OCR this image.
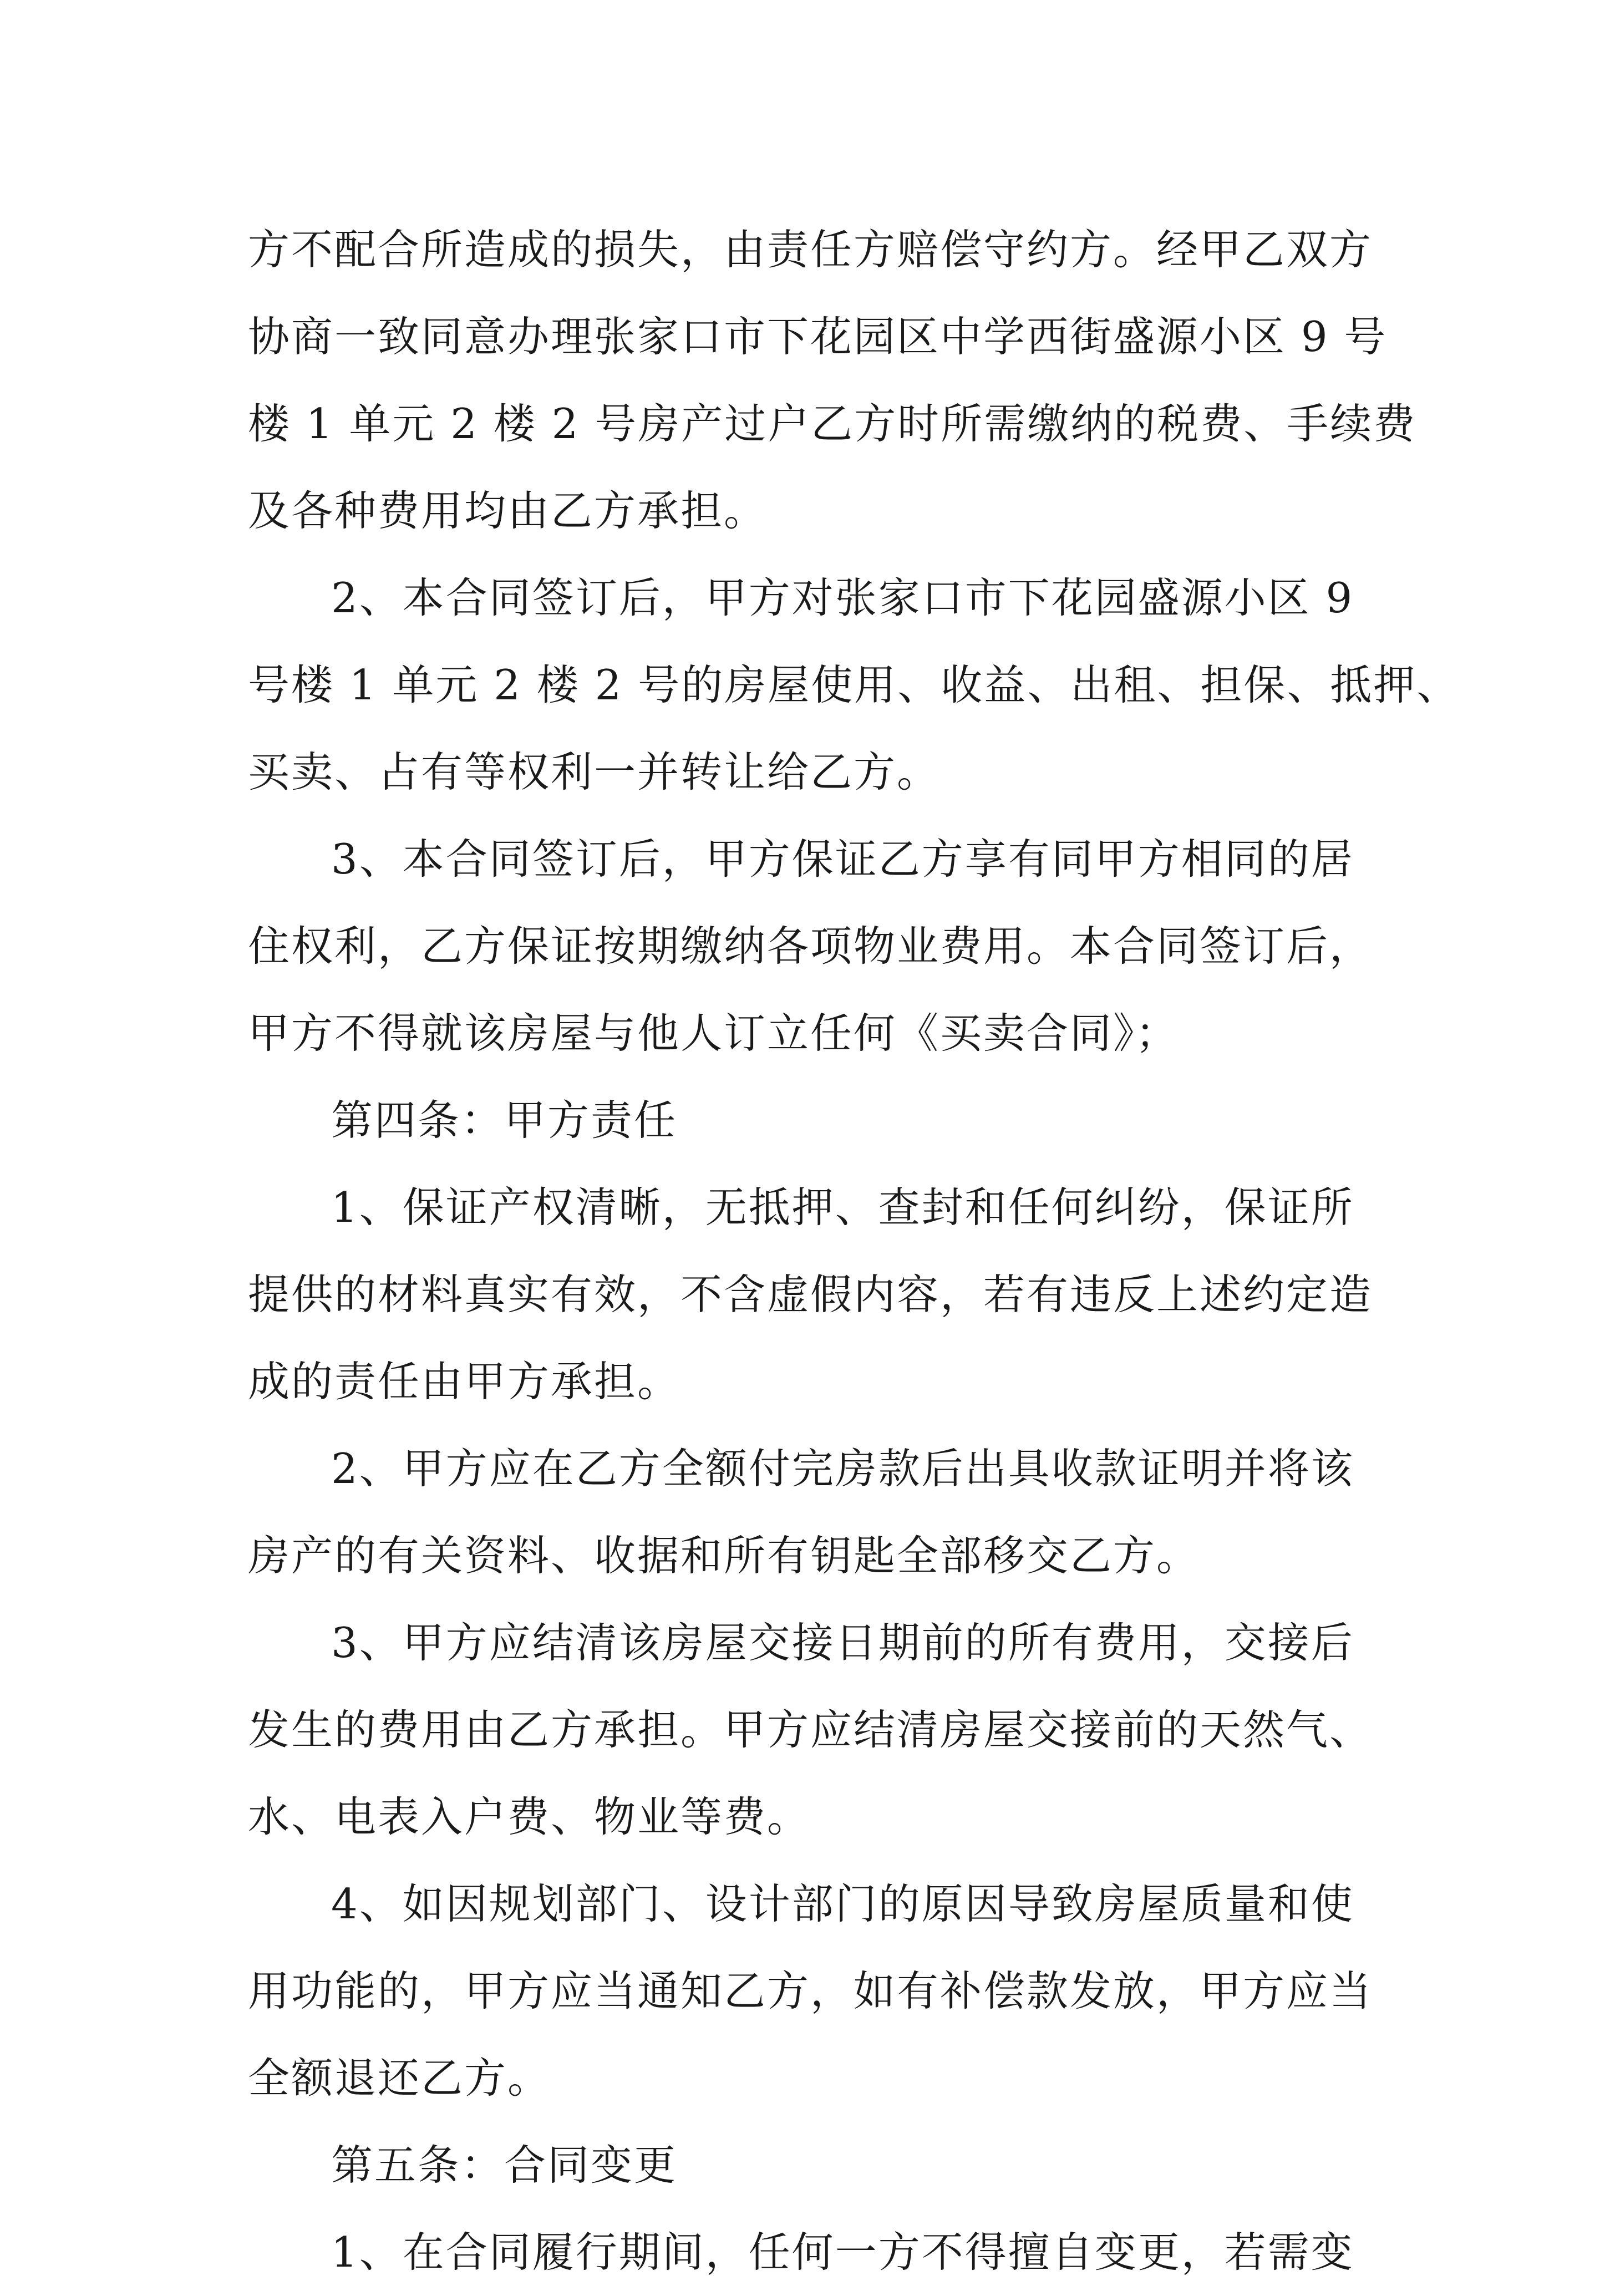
方不配合所造成的损失，由责任方赔偿守约方。经甲乙双方
协商一致同意办理张家口市下花园区中学西街盛源小区 9 号
楼 1 单元 2 楼 2 号房产过户乙方时所需缴纳的税费、手续费
及各种费用均由乙方承担。
2、本合同签订后，甲方对张家口市下花园盛源小区 9
号楼 1 单元 2 楼 2 号的房屋使用、收益、出租、担保、抵押、
买卖、占有等权利一并转让给乙方。
3、本合同签订后，甲方保证乙方享有同甲方相同的居
住权利，乙方保证按期缴纳各项物业费用。本合同签订后，
甲方不得就该房屋与他人订立任何《买卖合同》；
第四条：甲方责任
1、保证产权清晰，无抵押、查封和任何纠纷，保证所
提供的材料真实有效，不含虚假内容，若有违反上述约定造
成的责任由甲方承担。
2、甲方应在乙方全额付完房款后出具收款证明并将该
房产的有关资料、收据和所有钥匙全部移交乙方。
3、甲方应结清该房屋交接日期前的所有费用，交接后
发生的费用由乙方承担。甲方应结清房屋交接前的天然气、
水、电表入户费、物业等费。
4、如因规划部门、设计部门的原因导致房屋质量和使
用功能的，甲方应当通知乙方，如有补偿款发放，甲方应当
全额退还乙方。
第五条：合同变更
1、在合同履行期间，任何一方不得擅自变更，若需变
